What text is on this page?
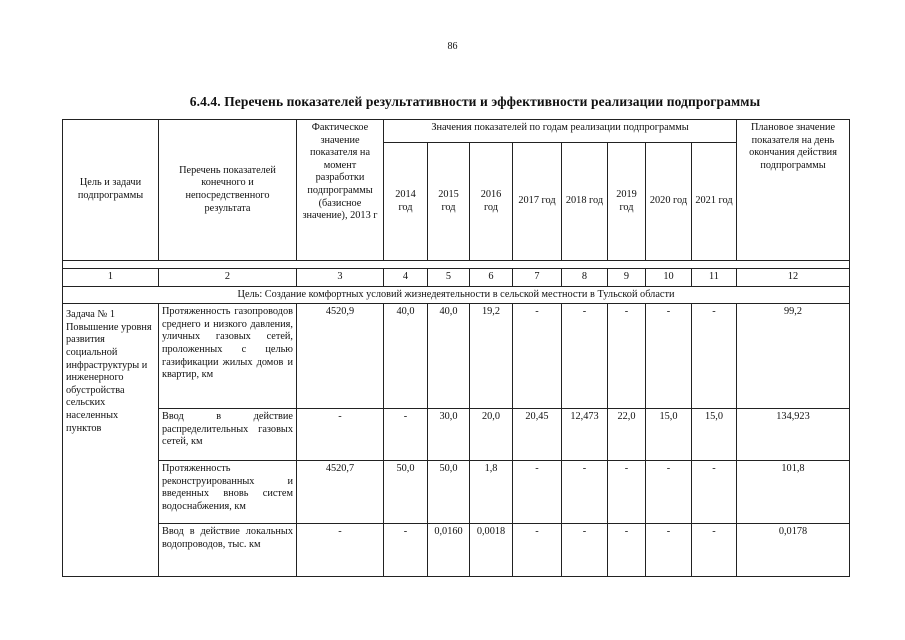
86
6.4.4. Перечень показателей результативности и эффективности реализации подпрограммы
Цель и задачи подпрограммы	Перечень показателей конечного и непосредственного результата	Фактическое значение показателя на момент разработки подпрограммы (базисное значение), 2013 г	Значения показателей по годам реализации подпрограммы								Плановое значение показателя на день окончания действия подпрограммы
			2014 год	2015 год	2016 год	2017 год	2018 год	2019 год	2020 год	2021 год	

1	2	3	4	5	6	7	8	9	10	11	12
Цель: Создание комфортных условий жизнедеятельности в сельской местности в Тульской области											
Задача № 1 Повышение уровня развития социальной инфраструктуры и инженерного обустройства сельских населенных пунктов	Протяженность газопроводов среднего и низкого давления, уличных газовых сетей, проложенных с целью газификации жилых домов и квартир, км	4520,9	40,0	40,0	19,2	-	-	-	-	-	99,2
	Ввод в действие распределительных газовых сетей, км	-	-	30,0	20,0	20,45	12,473	22,0	15,0	15,0	134,923
	Протяженность реконструированных и введенных вновь систем водоснабжения, км	4520,7	50,0	50,0	1,8	-	-	-	-	-	101,8
	Ввод в действие локальных водопроводов, тыс. км	-	-	0,0160	0,0018	-	-	-	-	-	0,0178
